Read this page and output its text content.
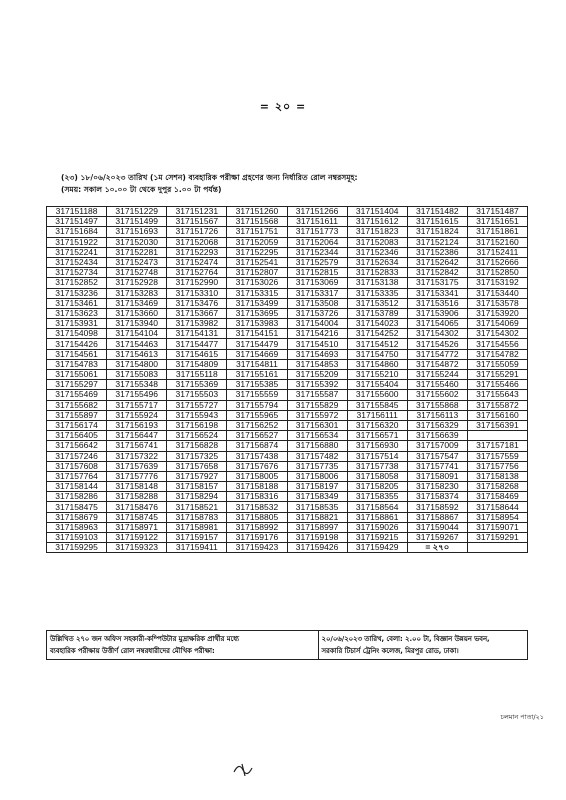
= ২০ =
(২৩) ১৮/০৬/২০২৩ তারিখ (১ম সেশন) ব্যবহারিক পরীক্ষা গ্রহণের জন্য নির্ধারিত রোল নম্বরসমূহ:
(সময়: সকাল ১০.০০ টা থেকে দুপুর ১.০০ টা পর্যন্ত)
317151188	317151229	317151231	317151260	317151266	317151404	317151482	317151487
317151497	317151499	317151567	317151568	317151611	317151612	317151615	317151651
317151684	317151693	317151726	317151751	317151773	317151823	317151824	317151861
317151922	317152030	317152068	317152059	317152064	317152083	317152124	317152160
317152241	317152281	317152293	317152295	317152344	317152346	317152386	317152411
317152434	317152473	317152474	317152541	317152579	317152634	317152642	317152666
317152734	317152748	317152764	317152807	317152815	317152833	317152842	317152850
317152852	317152928	317152990	317153026	317153069	317153138	317153175	317153192
317153236	317153283	317153310	317153315	317153317	317153335	317153341	317153440
317153461	317153469	317153476	317153499	317153508	317153512	317153516	317153578
317153623	317153660	317153667	317153695	317153726	317153789	317153906	317153920
317153931	317153940	317153982	317153983	317154004	317154023	317154065	317154069
317154098	317154104	317154131	317154151	317154216	317154252	317154302	317154302
317154426	317154463	317154477	317154479	317154510	317154512	317154526	317154556
317154561	317154613	317154615	317154669	317154693	317154750	317154772	317154782
317154783	317154800	317154809	317154811	317154853	317154860	317154872	317155059
317155061	317155083	317155118	317155161	317155209	317155210	317155244	317155291
317155297	317155348	317155369	317155385	317155392	317155404	317155460	317155466
317155469	317155496	317155503	317155559	317155587	317155600	317155602	317155643
317155682	317155717	317155727	317155794	317155829	317155845	317155868	317155872
317155897	317155924	317155943	317155965	317155972	317156111	317156113	317156160
317156174	317156193	317156198	317156252	317156301	317156320	317156329	317156391
317156405	317156447	317156524	317156527	317156534	317156571	317156639	
317156642	317156741	317156828	317156874	317156880	317156930	317157009	317157181
317157246	317157322	317157325	317157438	317157482	317157514	317157547	317157559
317157608	317157639	317157658	317157676	317157735	317157738	317157741	317157756
317157764	317157776	317157927	317158005	317158006	317158058	317158091	317158138
317158144	317158148	317158157	317158188	317158197	317158205	317158230	317158268
317158286	317158288	317158294	317158316	317158349	317158355	317158374	317158469
317158475	317158476	317158521	317158532	317158535	317158564	317158592	317158644
317158679	317158745	317158783	317158805	317158821	317158861	317158867	317158954
317158963	317158971	317158981	317158992	317158997	317159026	317159044	317159071
317159103	317159122	317159157	317159176	317159198	317159215	317159267	317159291
317159295	317159323	317159411	317159423	317159426	317159429	= ২৭০	
উল্লিখিত ২৭০ জন অফিস সহকারী-কম্পিউটার মুদ্রাক্ষরিক প্রার্থীর মধ্যে
ব্যবহারিক পরীক্ষায় উত্তীর্ণ রোল নম্বরধারীদের মৌখিক পরীক্ষা:

২০/০৬/২০২৩ তারিখ, বেলা: ২.০০ টা, বিজ্ঞান উন্নয়ন ভবন,
সরকারি টিচার্স ট্রেনিং কলেজ, মিরপুর রোড, ঢাকা।
চলমান পাতা/২১
